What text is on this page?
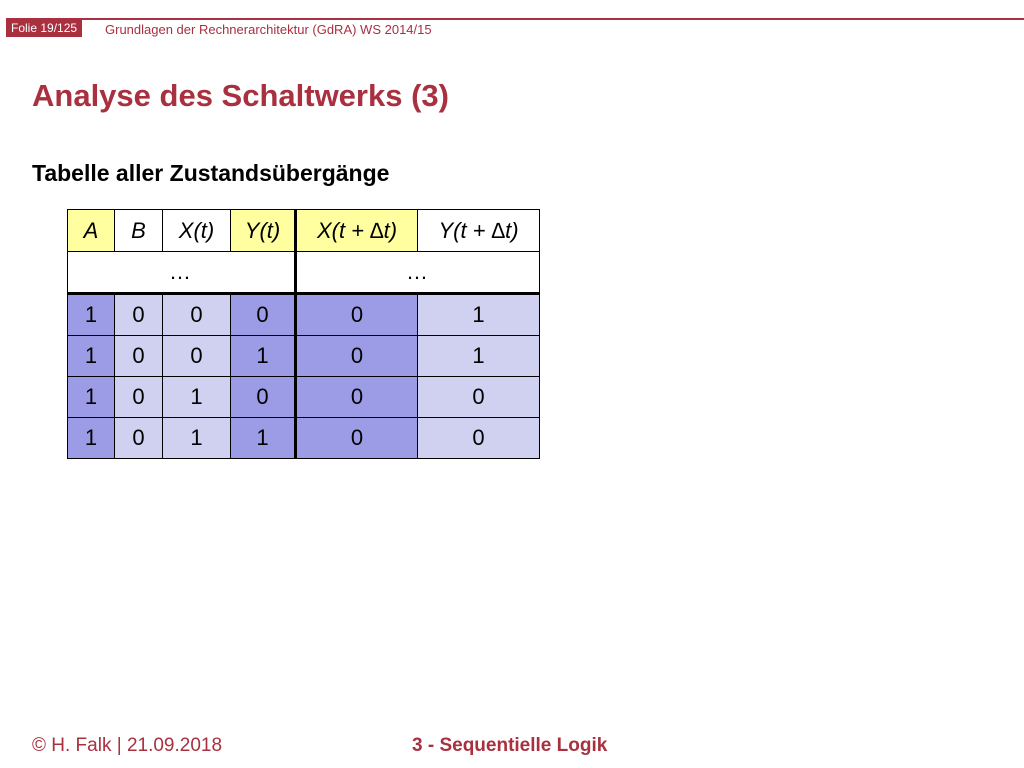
Folie 19/125	Grundlagen der Rechnerarchitektur (GdRA) WS 2014/15
Analyse des Schaltwerks (3)
Tabelle aller Zustandsübergänge
A	B	X(t)	Y(t)	X(t + ∆t)	Y(t + ∆t)
…				…	
1	0	0	0	0	1
1	0	0	1	0	1
1	0	1	0	0	0
1	0	1	1	0	0
© H. Falk | 21.09.2018	3 - Sequentielle Logik
